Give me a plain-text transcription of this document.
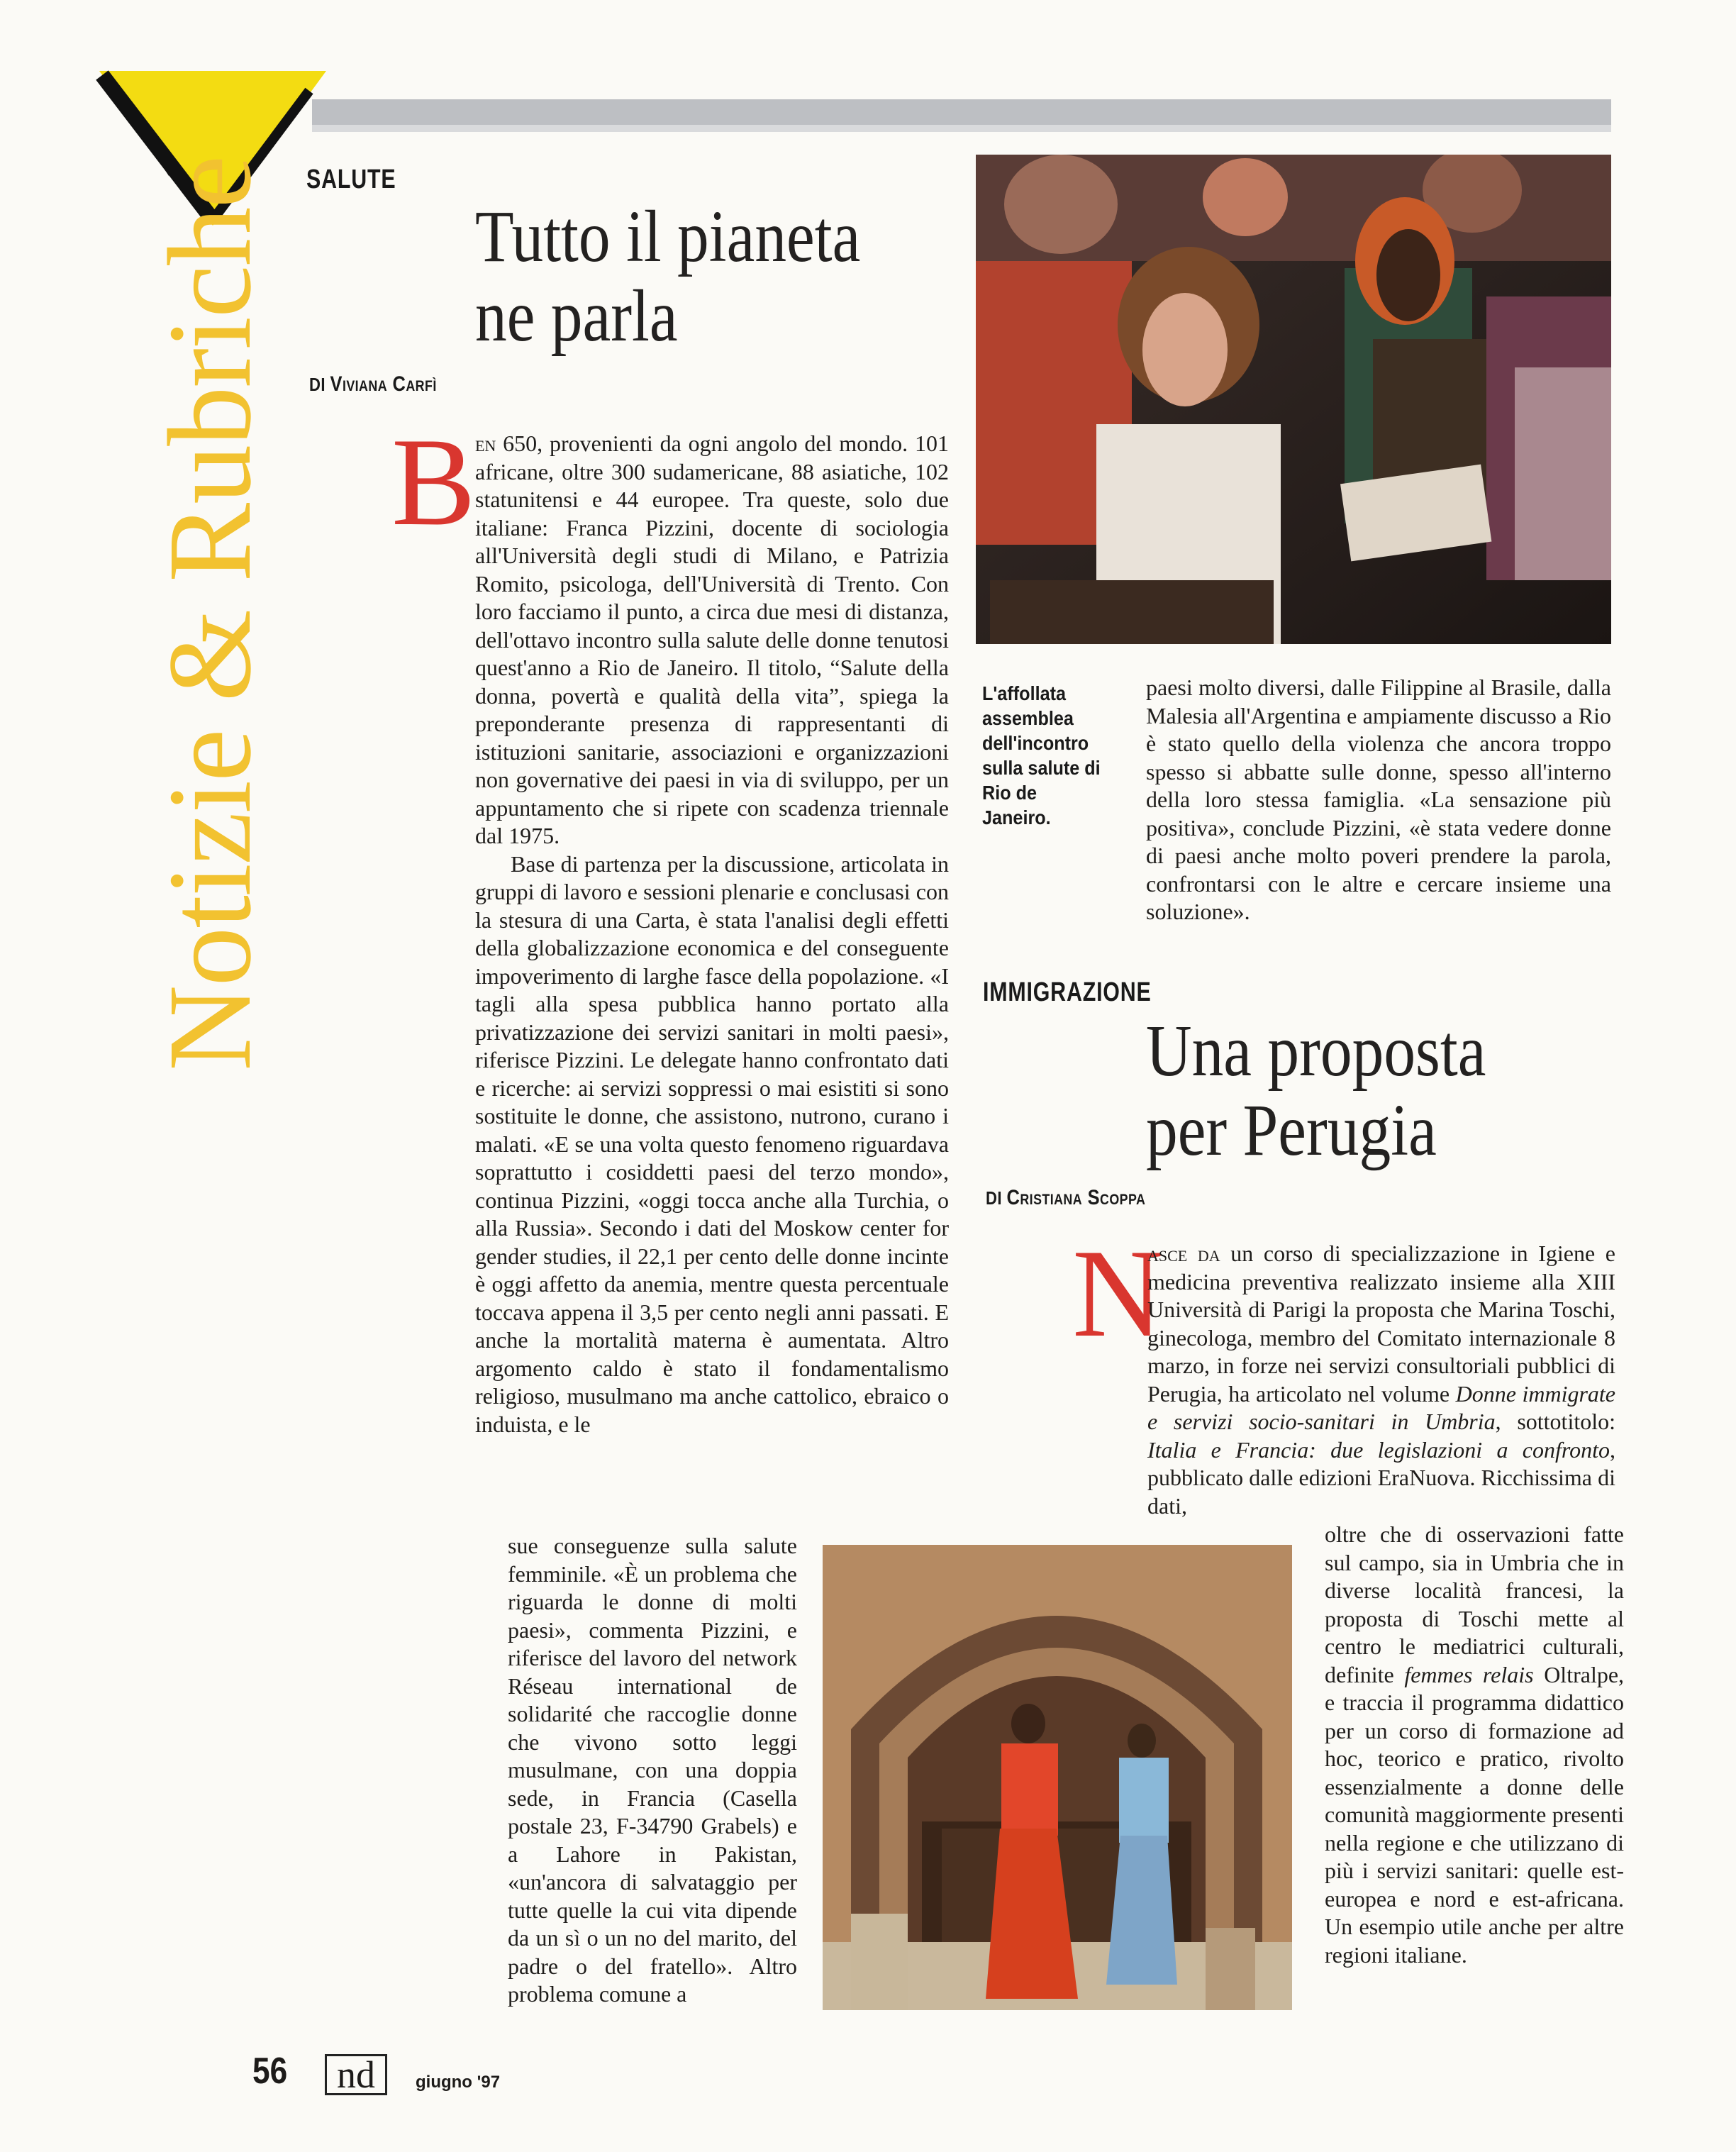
Notizie & Rubriche SALUTE
Tutto il pianeta
ne parla
DI Viviana Carfì
L'affollata assemblea dell'incontro sulla salute di Rio de Janeiro.
B en 650, provenienti da ogni angolo del mondo. 101 africane, oltre 300 sudamericane, 88 asiatiche, 102 statunitensi e 44 europee. Tra queste, solo due italiane: Franca Pizzini, docente di sociologia all'Università degli studi di Milano, e Patrizia Romito, psicologa, dell'Università di Trento. Con loro facciamo il punto, a circa due mesi di distanza, dell'ottavo incontro sulla salute delle donne tenutosi quest'anno a Rio de Janeiro. Il titolo, “Salute della donna, povertà e qualità della vita”, spiega la preponderante presenza di rappresentanti di istituzioni sanitarie, associazioni e organizzazioni non governative dei paesi in via di sviluppo, per un appuntamento che si ripete con scadenza triennale dal 1975.

Base di partenza per la discussione, articolata in gruppi di lavoro e sessioni plenarie e conclusasi con la stesura di una Carta, è stata l'analisi degli effetti della globalizzazione economica e del conseguente impoverimento di larghe fasce della popolazione. «I tagli alla spesa pubblica hanno portato alla privatizzazione dei servizi sanitari in molti paesi», riferisce Pizzini. Le delegate hanno confrontato dati e ricerche: ai servizi soppressi o mai esistiti si sono sostituite le donne, che assistono, nutrono, curano i malati. «E se una volta questo fenomeno riguardava soprattutto i cosiddetti paesi del terzo mondo», continua Pizzini, «oggi tocca anche alla Turchia, o alla Russia». Secondo i dati del Moskow center for gender studies, il 22,1 per cento delle donne incinte è oggi affetto da anemia, mentre questa percentuale toccava appena il 3,5 per cento negli anni passati. E anche la mortalità materna è aumentata. Altro argomento caldo è stato il fondamentalismo religioso, musulmano ma anche cattolico, ebraico o induista, e le

sue conseguenze sulla salute femminile. «È un problema che riguarda le donne di molti paesi», commenta Pizzini, e riferisce del lavoro del network Réseau international de solidarité che raccoglie donne che vivono sotto leggi musulmane, con una doppia sede, in Francia (Casella postale 23, F-34790 Grabels) e a Lahore in Pakistan, «un'ancora di salvataggio per tutte quelle la cui vita dipende da un sì o un no del marito, del padre o del fratello». Altro problema comune a

paesi molto diversi, dalle Filippine al Brasile, dalla Malesia all'Argentina e ampiamente discusso a Rio è stato quello della violenza che ancora troppo spesso si abbatte sulle donne, spesso all'interno della loro stessa famiglia. «La sensazione più positiva», conclude Pizzini, «è stata vedere donne di paesi anche molto poveri prendere la parola, confrontarsi con le altre e cercare insieme una soluzione».

IMMIGRAZIONE
Una proposta
per Perugia
DI Cristiana Scoppa
N

asce da un corso di specializzazione in Igiene e medicina preventiva realizzato insieme alla XIII Università di Parigi la proposta che Marina Toschi, ginecologa, membro del Comitato internazionale 8 marzo, in forze nei servizi consultoriali pubblici di Perugia, ha articolato nel volume Donne immigrate e servizi socio-sanitari in Umbria, sottotitolo: Italia e Francia: due legislazioni a confronto, pubblicato dalle edizioni EraNuova. Ricchissima di dati,

oltre che di osservazioni fatte sul campo, sia in Umbria che in diverse località francesi, la proposta di Toschi mette al centro le mediatrici culturali, definite femmes relais Oltralpe, e traccia il programma didattico per un corso di formazione ad hoc, teorico e pratico, rivolto essenzialmente a donne delle comunità maggiormente presenti nella regione e che utilizzano di più i servizi sanitari: quelle est-europea e nord e est-africana. Un esempio utile anche per altre regioni italiane.

56	nd	giugno '97
